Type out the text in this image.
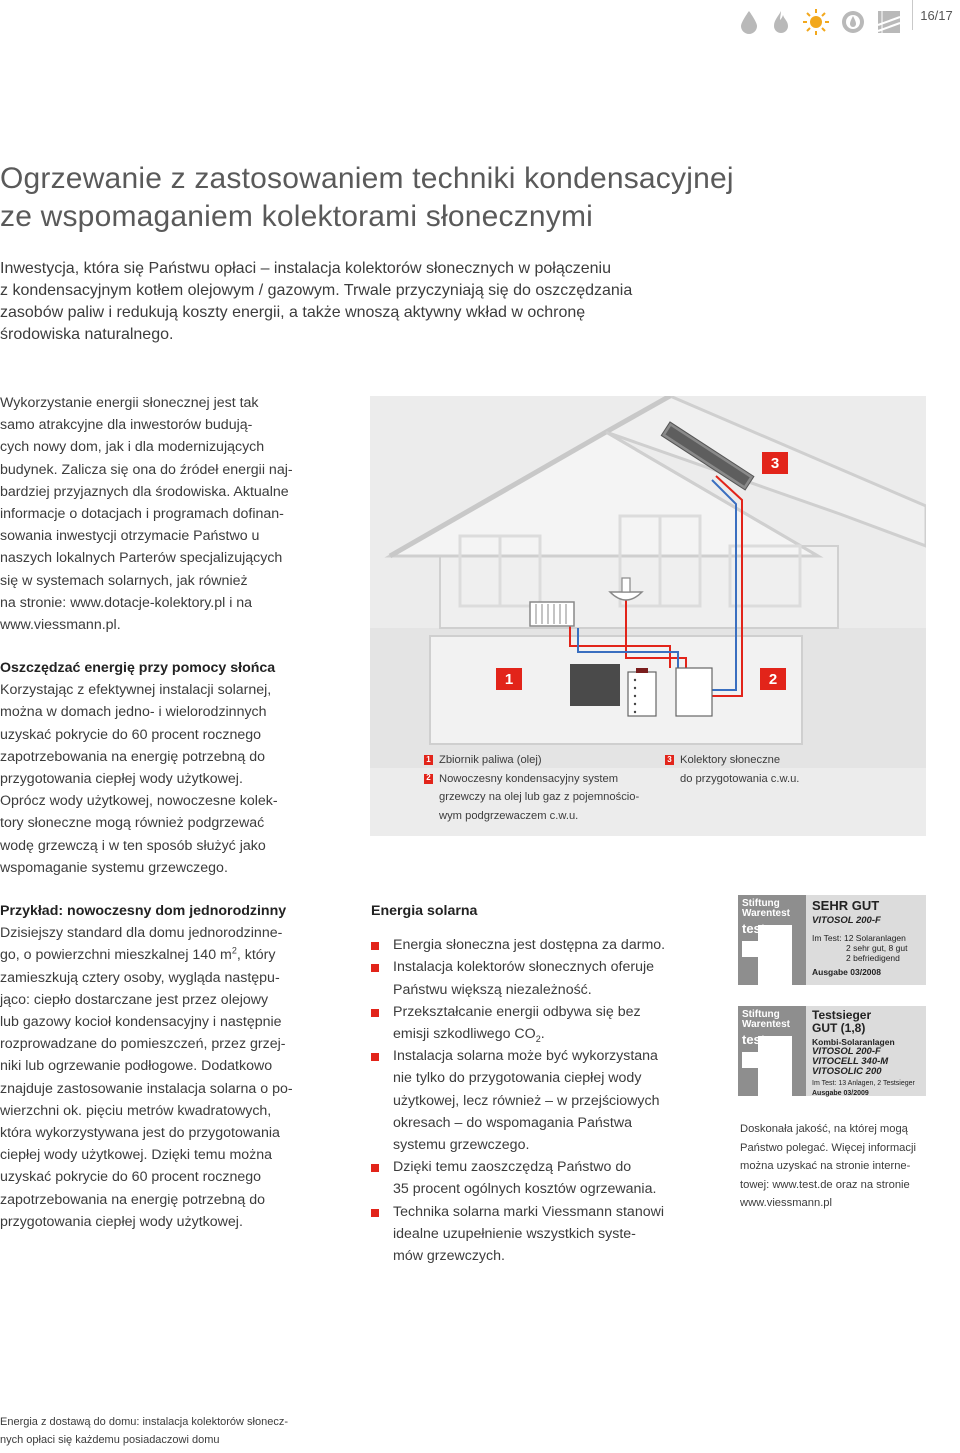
16/17
Ogrzewanie z zastosowaniem techniki kondensacyjnej
ze wspomaganiem kolektorami słonecznymi
Inwestycja, która się Państwu opłaci – instalacja kolektorów słonecznych w połączeniu
z kondensacyjnym kotłem olejowym / gazowym. Trwale przyczyniają się do oszczędzania
zasobów paliw i redukują koszty energii, a także wnoszą aktywny wkład w ochronę
środowiska naturalnego.
Wykorzystanie energii słonecznej jest tak
samo atrakcyjne dla inwestorów budują-
cych nowy dom, jak i dla modernizujących
budynek. Zalicza się ona do źródeł energii naj-
bardziej przyjaznych dla środowiska. Aktualne
informacje o dotacjach i programach dofinan-
sowania inwestycji otrzymacie Państwo u
naszych lokalnych Parterów specjalizujących
się w systemach solarnych, jak również
na stronie: www.dotacje-kolektory.pl i na
www.viessmann.pl.
Oszczędzać energię przy pomocy słońca
Korzystając z efektywnej instalacji solarnej,
można w domach jedno- i wielorodzinnych
uzyskać pokrycie do 60 procent rocznego
zapotrzebowania na energię potrzebną do
przygotowania ciepłej wody użytkowej.
Oprócz wody użytkowej, nowoczesne kolek-
tory słoneczne mogą również podgrzewać
wodę grzewczą i w ten sposób służyć jako
wspomaganie systemu grzewczego.
Przykład: nowoczesny dom jednorodzinny
Dzisiejszy standard dla domu jednorodzinne-
go, o powierzchni mieszkalnej 140 $m^2$, który
zamieszkują cztery osoby, wygląda następu-
jąco: ciepło dostarczane jest przez olejowy
lub gazowy kocioł kondensacyjny i następnie
rozprowadzane do pomieszczeń, przez grzej-
niki lub ogrzewanie podłogowe. Dodatkowo
znajduje zastosowanie instalacja solarna o po-
wierzchni ok. pięciu metrów kwadratowych,
która wykorzystywana jest do przygotowania
ciepłej wody użytkowej. Dzięki temu można
uzyskać pokrycie do 60 procent rocznego
zapotrzebowania na energię potrzebną do
przygotowania ciepłej wody użytkowej.
3
1	2
1 Zbiornik paliwa (olej)
2 Nowoczesny kondensacyjny system
grzewczy na olej lub gaz z pojemnościo-
wym podgrzewaczem c.w.u.
3 Kolektory słoneczne
do przygotowania c.w.u.
Energia solarna
Energia słoneczna jest dostępna za darmo.
Instalacja kolektorów słonecznych oferuje
Państwu większą niezależność.
Przekształcanie energii odbywa się bez
emisji szkodliwego $CO_2$.
Instalacja solarna może być wykorzystana
nie tylko do przygotowania ciepłej wody
użytkowej, lecz również – w przejściowych
okresach – do wspomagania Państwa
systemu grzewczego.
Dzięki temu zaoszczędzą Państwo do
35 procent ogólnych kosztów ogrzewania.
Technika solarna marki Viessmann stanowi
idealne uzupełnienie wszystkich syste-
mów grzewczych.
Stiftung
Warentest
test
SEHR GUT
VITOSOL 200-F
Im Test: 12 Solaranlagen
2 sehr gut, 8 gut
2 befriedigend
Ausgabe 03/2008
Stiftung
Warentest
test
Testsieger
GUT (1,8)
Kombi-Solaranlagen
VITOSOL 200-F
VITOCELL 340-M
VITOSOLIC 200
Im Test: 13 Anlagen, 2 Testsieger
Ausgabe 03/2009
Doskonała jakość, na której mogą
Państwo polegać. Więcej informacji
można uzyskać na stronie interne-
towej: www.test.de oraz na stronie
www.viessmann.pl
Energia z dostawą do domu: instalacja kolektorów słonecz-
nych opłaci się każdemu posiadaczowi domu
